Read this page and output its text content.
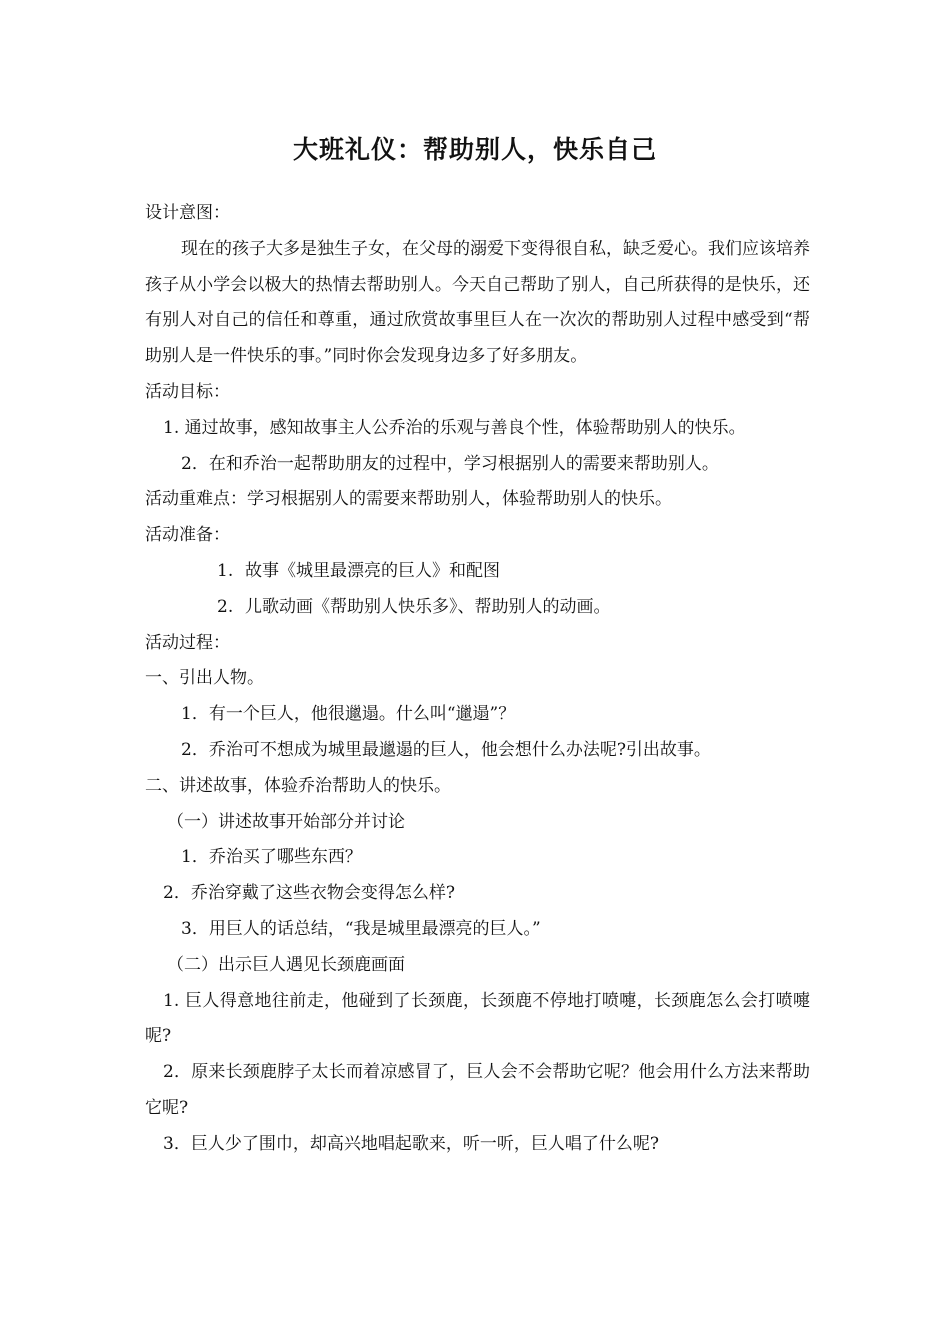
大班礼仪：帮助别人，快乐自己

设计意图：

现在的孩子大多是独生子女，在父母的溺爱下变得很自私，缺乏爱心。我们应该培养孩子从小学会以极大的热情去帮助别人。今天自己帮助了别人，自己所获得的是快乐，还有别人对自己的信任和尊重，通过欣赏故事里巨人在一次次的帮助别人过程中感受到“帮助别人是一件快乐的事。”同时你会发现身边多了好多朋友。

活动目标：

1. 通过故事，感知故事主人公乔治的乐观与善良个性，体验帮助别人的快乐。

2．在和乔治一起帮助朋友的过程中，学习根据别人的需要来帮助别人。

活动重难点：学习根据别人的需要来帮助别人，体验帮助别人的快乐。

活动准备：

1. 故事《城里最漂亮的巨人》和配图

2. 儿歌动画《帮助别人快乐多》、帮助别人的动画。

活动过程：

一、引出人物。

1．有一个巨人，他很邋遢。什么叫“邋遢”？

2．乔治可不想成为城里最邋遢的巨人，他会想什么办法呢?引出故事。

二、讲述故事，体验乔治帮助人的快乐。

（一）讲述故事开始部分并讨论

1．乔治买了哪些东西？

2．乔治穿戴了这些衣物会变得怎么样?

3．用巨人的话总结，“我是城里最漂亮的巨人。”

（二）出示巨人遇见长颈鹿画面

1. 巨人得意地往前走，他碰到了长颈鹿，长颈鹿不停地打喷嚏，长颈鹿怎么会打喷嚏呢?

2．原来长颈鹿脖子太长而着凉感冒了，巨人会不会帮助它呢？他会用什么方法来帮助它呢?

3．巨人少了围巾，却高兴地唱起歌来，听一听，巨人唱了什么呢?
